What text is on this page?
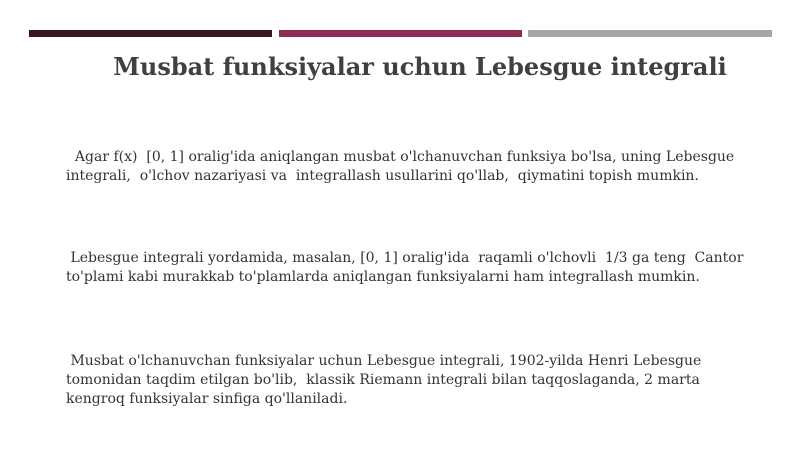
Musbat funksiyalar uchun Lebesgue integrali

Agar f(x)  [0, 1] oralig'ida aniqlangan musbat o'lchanuvchan funksiya bo'lsa, uning Lebesgue integrali,  o'lchov nazariyasi va  integrallash usullarini qo'llab,  qiymatini topish mumkin.

Lebesgue integrali yordamida, masalan, [0, 1] oralig'ida  raqamli o'lchovli  1/3 ga teng  Cantor to'plami kabi murakkab to'plamlarda aniqlangan funksiyalarni ham integrallash mumkin.

Musbat o'lchanuvchan funksiyalar uchun Lebesgue integrali, 1902-yilda Henri Lebesgue tomonidan taqdim etilgan bo'lib,  klassik Riemann integrali bilan taqqoslaganda, 2 marta kengroq funksiyalar sinfiga qo'llaniladi.
